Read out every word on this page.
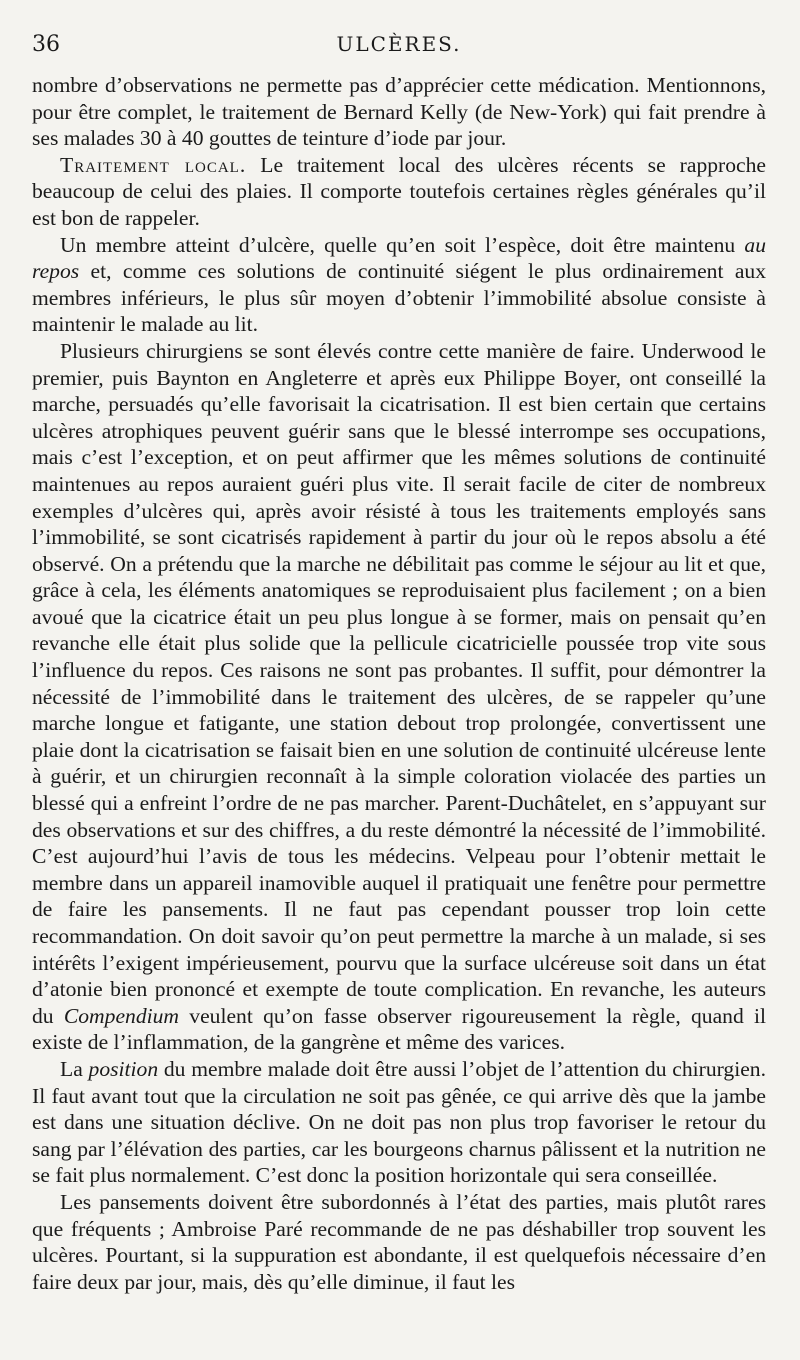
36	ULCÈRES.

nombre d’observations ne permette pas d’apprécier cette médication. Mentionnons, pour être complet, le traitement de Bernard Kelly (de New-York) qui fait prendre à ses malades 30 à 40 gouttes de teinture d’iode par jour.

Traitement local. Le traitement local des ulcères récents se rapproche beaucoup de celui des plaies. Il comporte toutefois certaines règles générales qu’il est bon de rappeler.

Un membre atteint d’ulcère, quelle qu’en soit l’espèce, doit être maintenu au repos et, comme ces solutions de continuité siégent le plus ordinairement aux membres inférieurs, le plus sûr moyen d’obtenir l’immobilité absolue consiste à maintenir le malade au lit.

Plusieurs chirurgiens se sont élevés contre cette manière de faire. Underwood le premier, puis Baynton en Angleterre et après eux Philippe Boyer, ont conseillé la marche, persuadés qu’elle favorisait la cicatrisation. Il est bien certain que certains ulcères atrophiques peuvent guérir sans que le blessé interrompe ses occupations, mais c’est l’exception, et on peut affirmer que les mêmes solutions de continuité maintenues au repos auraient guéri plus vite. Il serait facile de citer de nombreux exemples d’ulcères qui, après avoir résisté à tous les traitements employés sans l’immobilité, se sont cicatrisés rapidement à partir du jour où le repos absolu a été observé. On a prétendu que la marche ne débilitait pas comme le séjour au lit et que, grâce à cela, les éléments anatomiques se reproduisaient plus facilement ; on a bien avoué que la cicatrice était un peu plus longue à se former, mais on pensait qu’en revanche elle était plus solide que la pellicule cicatricielle poussée trop vite sous l’influence du repos. Ces raisons ne sont pas probantes. Il suffit, pour démontrer la nécessité de l’immobilité dans le traitement des ulcères, de se rappeler qu’une marche longue et fatigante, une station debout trop prolongée, convertissent une plaie dont la cicatrisation se faisait bien en une solution de continuité ulcéreuse lente à guérir, et un chirurgien reconnaît à la simple coloration violacée des parties un blessé qui a enfreint l’ordre de ne pas marcher. Parent-Duchâtelet, en s’appuyant sur des observations et sur des chiffres, a du reste démontré la nécessité de l’immobilité. C’est aujourd’hui l’avis de tous les médecins. Velpeau pour l’obtenir mettait le membre dans un appareil inamovible auquel il pratiquait une fenêtre pour permettre de faire les pansements. Il ne faut pas cependant pousser trop loin cette recommandation. On doit savoir qu’on peut permettre la marche à un malade, si ses intérêts l’exigent impérieusement, pourvu que la surface ulcéreuse soit dans un état d’atonie bien prononcé et exempte de toute complication. En revanche, les auteurs du Compendium veulent qu’on fasse observer rigoureusement la règle, quand il existe de l’inflammation, de la gangrène et même des varices.

La position du membre malade doit être aussi l’objet de l’attention du chirurgien. Il faut avant tout que la circulation ne soit pas gênée, ce qui arrive dès que la jambe est dans une situation déclive. On ne doit pas non plus trop favoriser le retour du sang par l’élévation des parties, car les bourgeons charnus pâlissent et la nutrition ne se fait plus normalement. C’est donc la position horizontale qui sera conseillée.

Les pansements doivent être subordonnés à l’état des parties, mais plutôt rares que fréquents ; Ambroise Paré recommande de ne pas déshabiller trop souvent les ulcères. Pourtant, si la suppuration est abondante, il est quelquefois nécessaire d’en faire deux par jour, mais, dès qu’elle diminue, il faut les
